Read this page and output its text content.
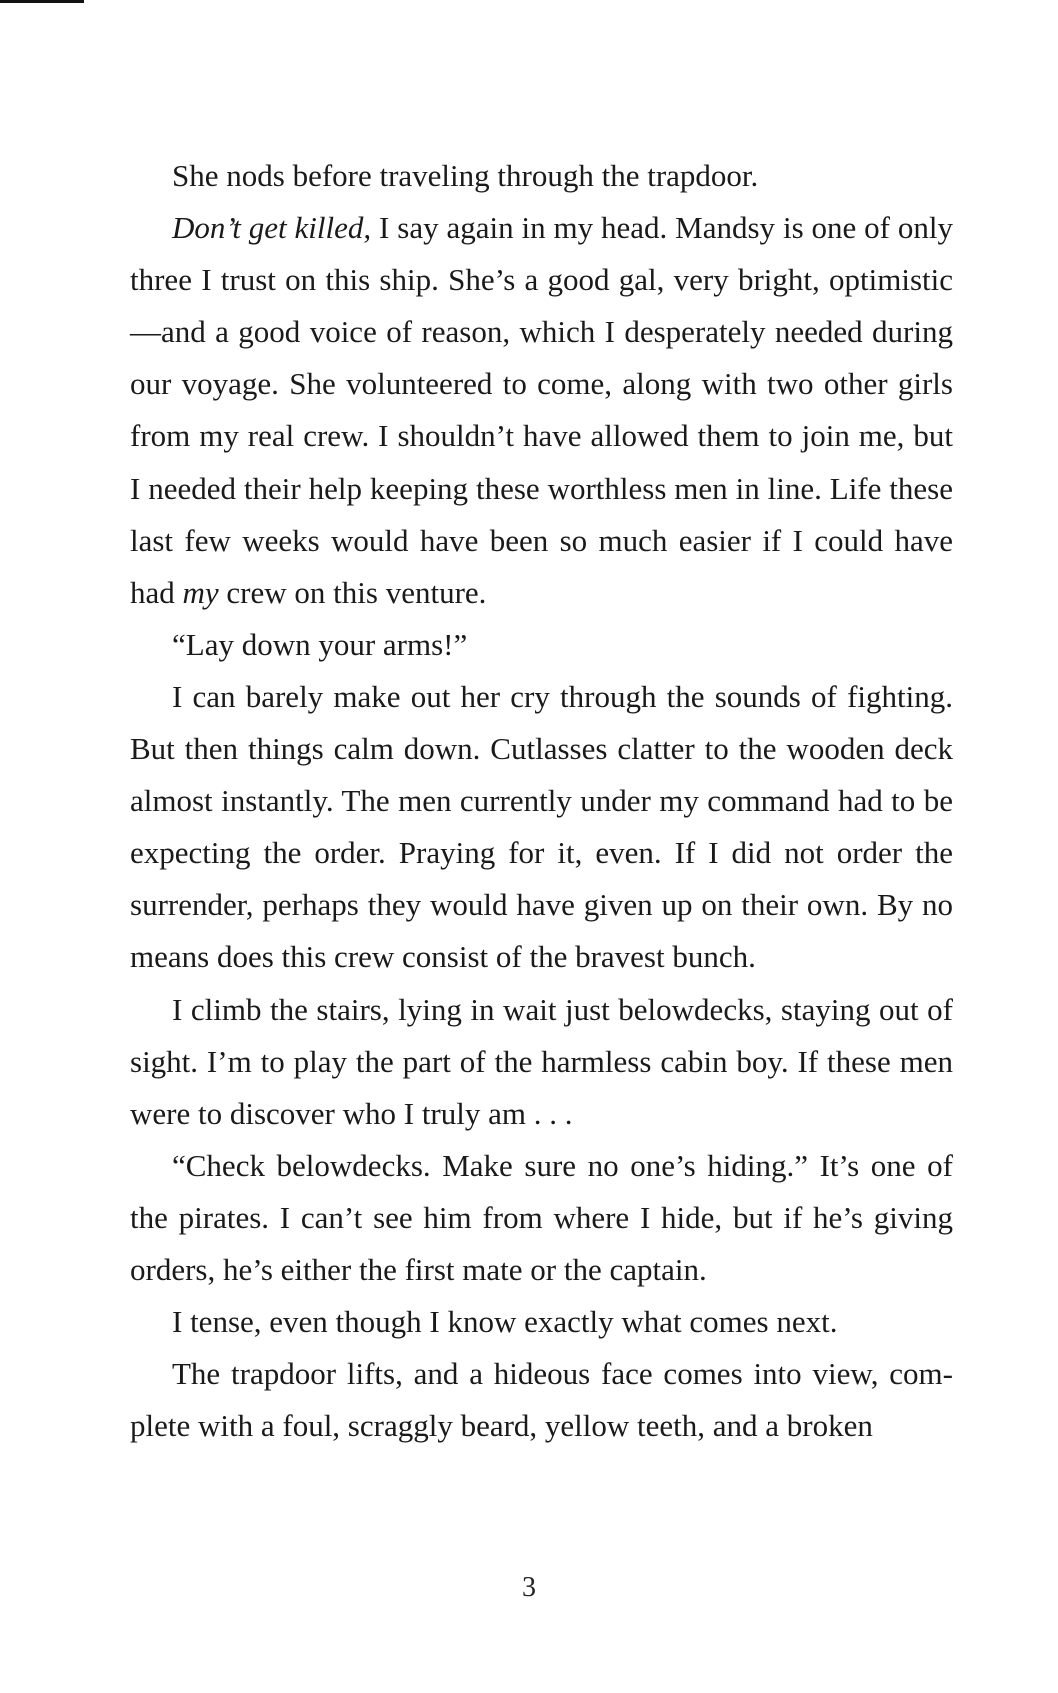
She nods before traveling through the trapdoor.

Don’t get killed, I say again in my head. Mandsy is one of only three I trust on this ship. She’s a good gal, very bright, optimistic—and a good voice of reason, which I desperately needed during our voyage. She volunteered to come, along with two other girls from my real crew. I shouldn’t have allowed them to join me, but I needed their help keeping these worthless men in line. Life these last few weeks would have been so much easier if I could have had my crew on this venture.

“Lay down your arms!”

I can barely make out her cry through the sounds of fighting. But then things calm down. Cutlasses clatter to the wooden deck almost instantly. The men currently under my command had to be expecting the order. Praying for it, even. If I did not order the surrender, perhaps they would have given up on their own. By no means does this crew consist of the bravest bunch.

I climb the stairs, lying in wait just belowdecks, staying out of sight. I’m to play the part of the harmless cabin boy. If these men were to discover who I truly am . . .

“Check belowdecks. Make sure no one’s hiding.” It’s one of the pirates. I can’t see him from where I hide, but if he’s giving orders, he’s either the first mate or the captain.

I tense, even though I know exactly what comes next.

The trapdoor lifts, and a hideous face comes into view, complete with a foul, scraggly beard, yellow teeth, and a broken

3
